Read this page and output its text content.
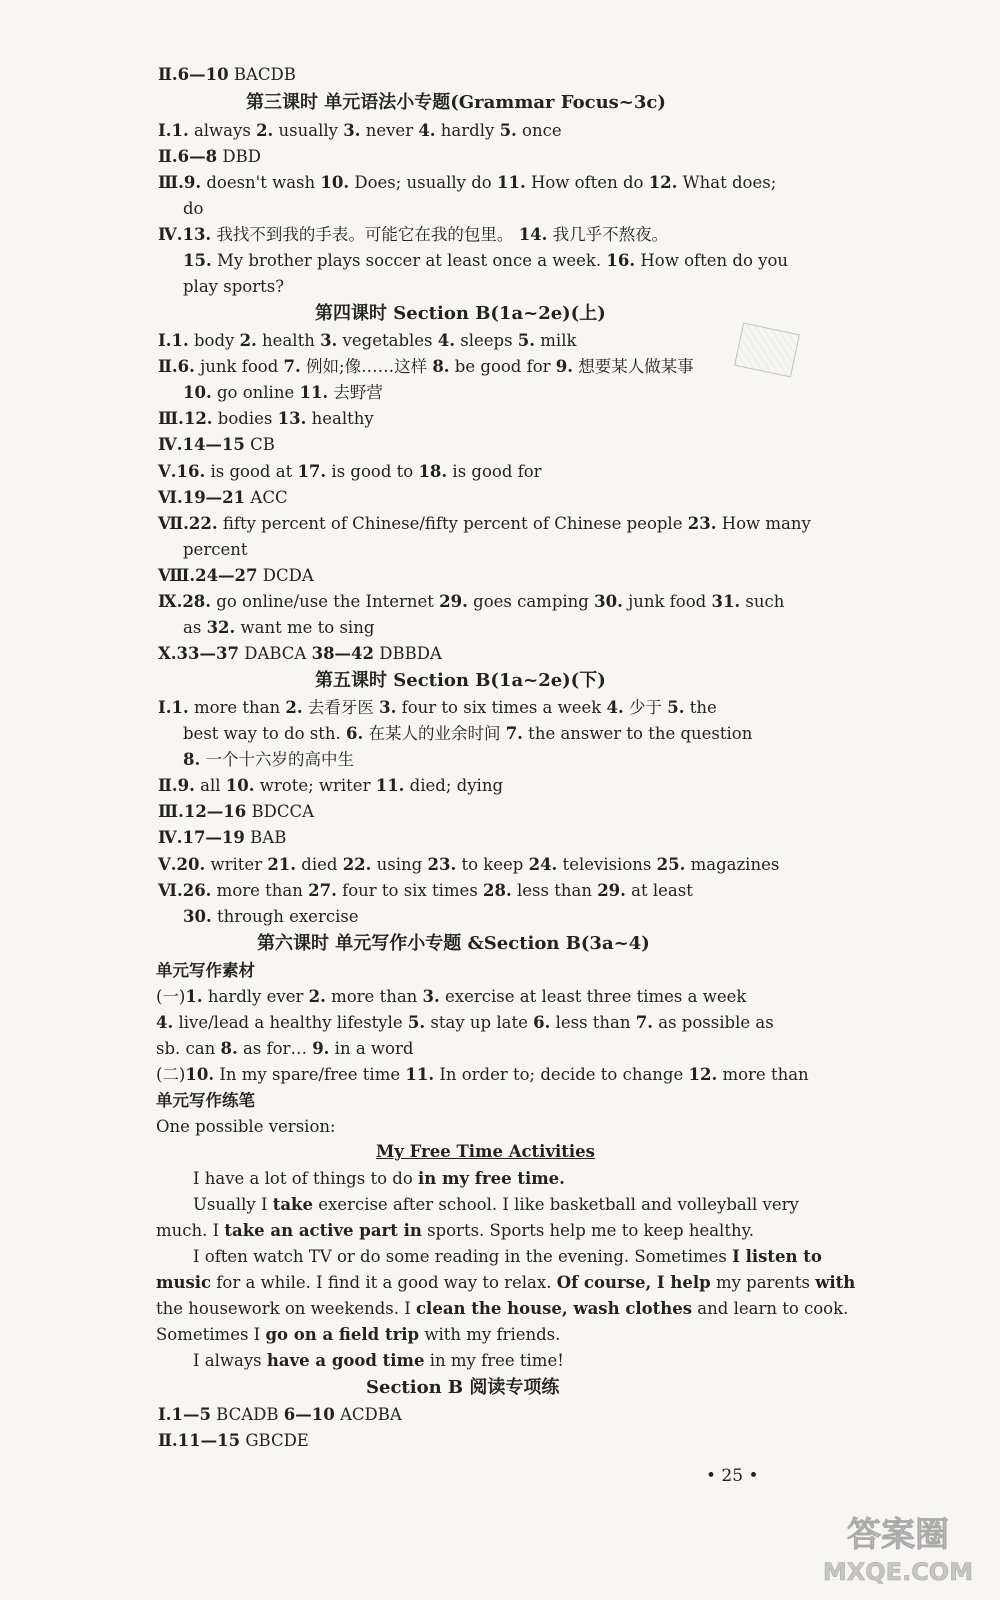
Ⅱ.6—10 BACDB
第三课时 单元语法小专题(Grammar Focus~3c)
Ⅰ.1. always 2. usually 3. never 4. hardly 5. once
Ⅱ.6—8 DBD
Ⅲ.9. doesn't wash 10. Does; usually do 11. How often do 12. What does;
do
Ⅳ.13. 我找不到我的手表。可能它在我的包里。 14. 我几乎不熬夜。
15. My brother plays soccer at least once a week. 16. How often do you
play sports?
第四课时 Section B(1a~2e)(上)
Ⅰ.1. body 2. health 3. vegetables 4. sleeps 5. milk
Ⅱ.6. junk food 7. 例如;像……这样 8. be good for 9. 想要某人做某事
10. go online 11. 去野营
Ⅲ.12. bodies 13. healthy
Ⅳ.14—15 CB
Ⅴ.16. is good at 17. is good to 18. is good for
Ⅵ.19—21 ACC
Ⅶ.22. fifty percent of Chinese/fifty percent of Chinese people 23. How many
percent
Ⅷ.24—27 DCDA
Ⅸ.28. go online/use the Internet 29. goes camping 30. junk food 31. such
as 32. want me to sing
Ⅹ.33—37 DABCA 38—42 DBBDA
第五课时 Section B(1a~2e)(下)
Ⅰ.1. more than 2. 去看牙医 3. four to six times a week 4. 少于 5. the
best way to do sth. 6. 在某人的业余时间 7. the answer to the question
8. 一个十六岁的高中生
Ⅱ.9. all 10. wrote; writer 11. died; dying
Ⅲ.12—16 BDCCA
Ⅳ.17—19 BAB
Ⅴ.20. writer 21. died 22. using 23. to keep 24. televisions 25. magazines
Ⅵ.26. more than 27. four to six times 28. less than 29. at least
30. through exercise
第六课时 单元写作小专题 &Section B(3a~4)
单元写作素材
(一)1. hardly ever 2. more than 3. exercise at least three times a week
4. live/lead a healthy lifestyle 5. stay up late 6. less than 7. as possible as
sb. can 8. as for… 9. in a word
(二)10. In my spare/free time 11. In order to; decide to change 12. more than
单元写作练笔
One possible version:
My Free Time Activities
I have a lot of things to do in my free time.
Usually I take exercise after school. I like basketball and volleyball very
much. I take an active part in sports. Sports help me to keep healthy.
I often watch TV or do some reading in the evening. Sometimes I listen to
music for a while. I find it a good way to relax. Of course, I help my parents with
the housework on weekends. I clean the house, wash clothes and learn to cook.
Sometimes I go on a field trip with my friends.
I always have a good time in my free time!
Section B 阅读专项练
Ⅰ.1—5 BCADB 6—10 ACDBA
Ⅱ.11—15 GBCDE
• 25 •
答案圈
MXQE.COM
